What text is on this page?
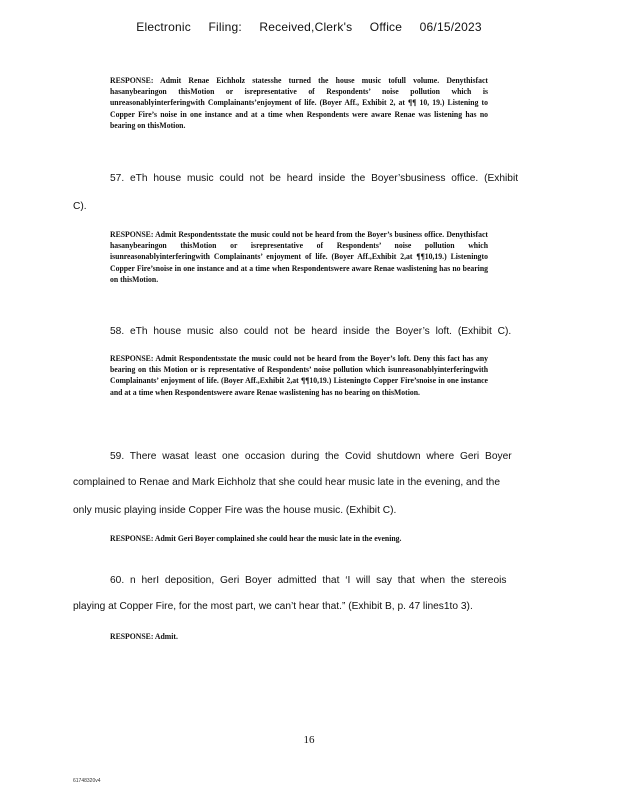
Electronic Filing: Received,Clerk's Office 06/15/2023
RESPONSE: Admit Renae Eichholz statesshe turned the house music tofull volume. Denythisfact hasanybearingon thisMotion or isrepresentative of Respondents’ noise pollution which is unreasonablyinterferingwith Complainants’enjoyment of life. (Boyer Aff., Exhibit 2, at ¶¶ 10, 19.) Listening to Copper Fire’s noise in one instance and at a time when Respondents were aware Renae was listening has no bearing on thisMotion.
57. eTh house music could not be heard inside the Boyer’sbusiness office. (Exhibit
C).
RESPONSE: Admit Respondentsstate the music could not be heard from the Boyer’s business office. Denythisfact hasanybearingon thisMotion or isrepresentative of Respondents’ noise pollution which isunreasonablyinterferingwith Complainants’ enjoyment of life. (Boyer Aff.,Exhibit 2,at ¶¶10,19.) Listeningto Copper Fire’snoise in one instance and at a time when Respondentswere aware Renae waslistening has no bearing on thisMotion.
58. eTh house music also could not be heard inside the Boyer’s loft. (Exhibit C).
RESPONSE: Admit Respondentsstate the music could not be heard from the Boyer’s loft. Deny this fact has any bearing on this Motion or is representative of Respondents’ noise pollution which isunreasonablyinterferingwith Complainants’ enjoyment of life. (Boyer Aff.,Exhibit 2,at ¶¶10,19.) Listeningto Copper Fire’snoise in one instance and at a time when Respondentswere aware Renae waslistening has no bearing on thisMotion.
59. There wasat least one occasion during the Covid shutdown where Geri Boyer
complained to Renae and Mark Eichholz that she could hear music late in the evening, and the
only music playing inside Copper Fire was the house music. (Exhibit C).
RESPONSE: Admit Geri Boyer complained she could hear the music late in the evening.
60. n herI deposition, Geri Boyer admitted that ‘I will say that when the stereois
playing at Copper Fire, for the most part, we can’t hear that.” (Exhibit B, p. 47 lines1to 3).
RESPONSE: Admit.
16
61748320v4
